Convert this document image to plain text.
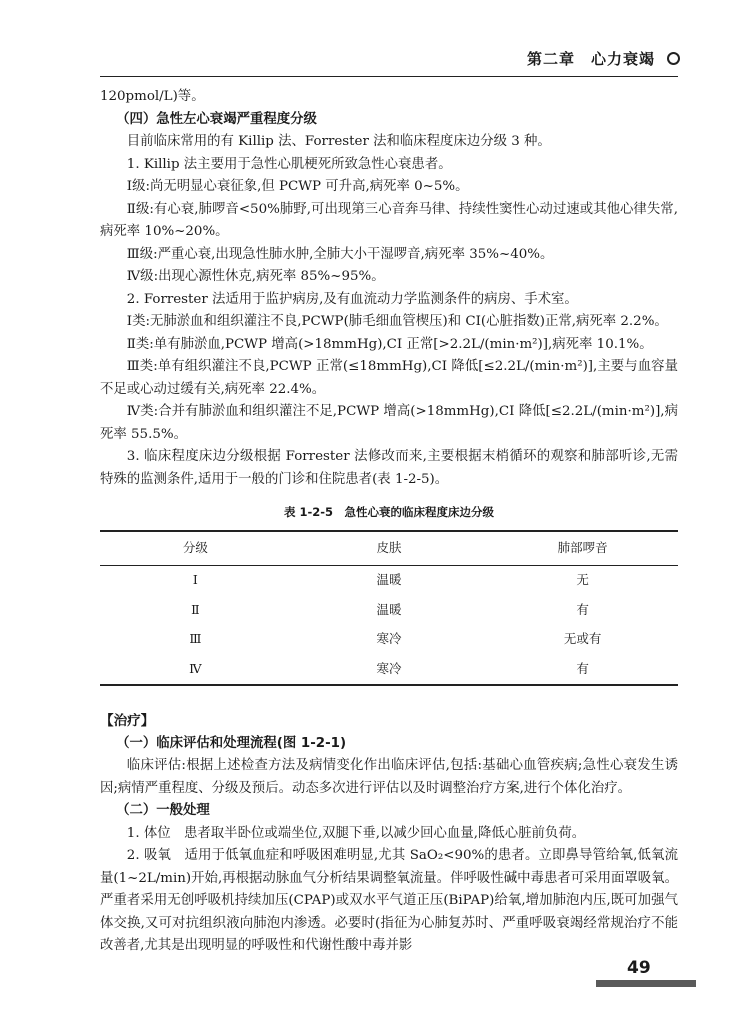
第二章　心力衰竭

120pmol/L)等。

（四）急性左心衰竭严重程度分级

目前临床常用的有 Killip 法、Forrester 法和临床程度床边分级 3 种。

1. Killip 法主要用于急性心肌梗死所致急性心衰患者。

Ⅰ级:尚无明显心衰征象,但 PCWP 可升高,病死率 0~5%。

Ⅱ级:有心衰,肺啰音<50%肺野,可出现第三心音奔马律、持续性窦性心动过速或其他心律失常,病死率 10%~20%。

Ⅲ级:严重心衰,出现急性肺水肿,全肺大小干湿啰音,病死率 35%~40%。

Ⅳ级:出现心源性休克,病死率 85%~95%。

2. Forrester 法适用于监护病房,及有血流动力学监测条件的病房、手术室。

Ⅰ类:无肺淤血和组织灌注不良,PCWP(肺毛细血管楔压)和 CI(心脏指数)正常,病死率 2.2%。

Ⅱ类:单有肺淤血,PCWP 增高(>18mmHg),CI 正常[>2.2L/(min·m²)],病死率 10.1%。

Ⅲ类:单有组织灌注不良,PCWP 正常(≤18mmHg),CI 降低[≤2.2L/(min·m²)],主要与血容量不足或心动过缓有关,病死率 22.4%。

Ⅳ类:合并有肺淤血和组织灌注不足,PCWP 增高(>18mmHg),CI 降低[≤2.2L/(min·m²)],病死率 55.5%。

3. 临床程度床边分级根据 Forrester 法修改而来,主要根据末梢循环的观察和肺部听诊,无需特殊的监测条件,适用于一般的门诊和住院患者(表 1-2-5)。

表 1-2-5　急性心衰的临床程度床边分级

分级	皮肤	肺部啰音
Ⅰ	温暖	无
Ⅱ	温暖	有
Ⅲ	寒冷	无或有
Ⅳ	寒冷	有

【治疗】

（一）临床评估和处理流程(图 1-2-1)

临床评估:根据上述检查方法及病情变化作出临床评估,包括:基础心血管疾病;急性心衰发生诱因;病情严重程度、分级及预后。动态多次进行评估以及时调整治疗方案,进行个体化治疗。

（二）一般处理

1. 体位　患者取半卧位或端坐位,双腿下垂,以减少回心血量,降低心脏前负荷。

2. 吸氧　适用于低氧血症和呼吸困难明显,尤其 SaO₂<90%的患者。立即鼻导管给氧,低氧流量(1~2L/min)开始,再根据动脉血气分析结果调整氧流量。伴呼吸性碱中毒患者可采用面罩吸氧。严重者采用无创呼吸机持续加压(CPAP)或双水平气道正压(BiPAP)给氧,增加肺泡内压,既可加强气体交换,又可对抗组织液向肺泡内渗透。必要时(指征为心肺复苏时、严重呼吸衰竭经常规治疗不能改善者,尤其是出现明显的呼吸性和代谢性酸中毒并影

49
